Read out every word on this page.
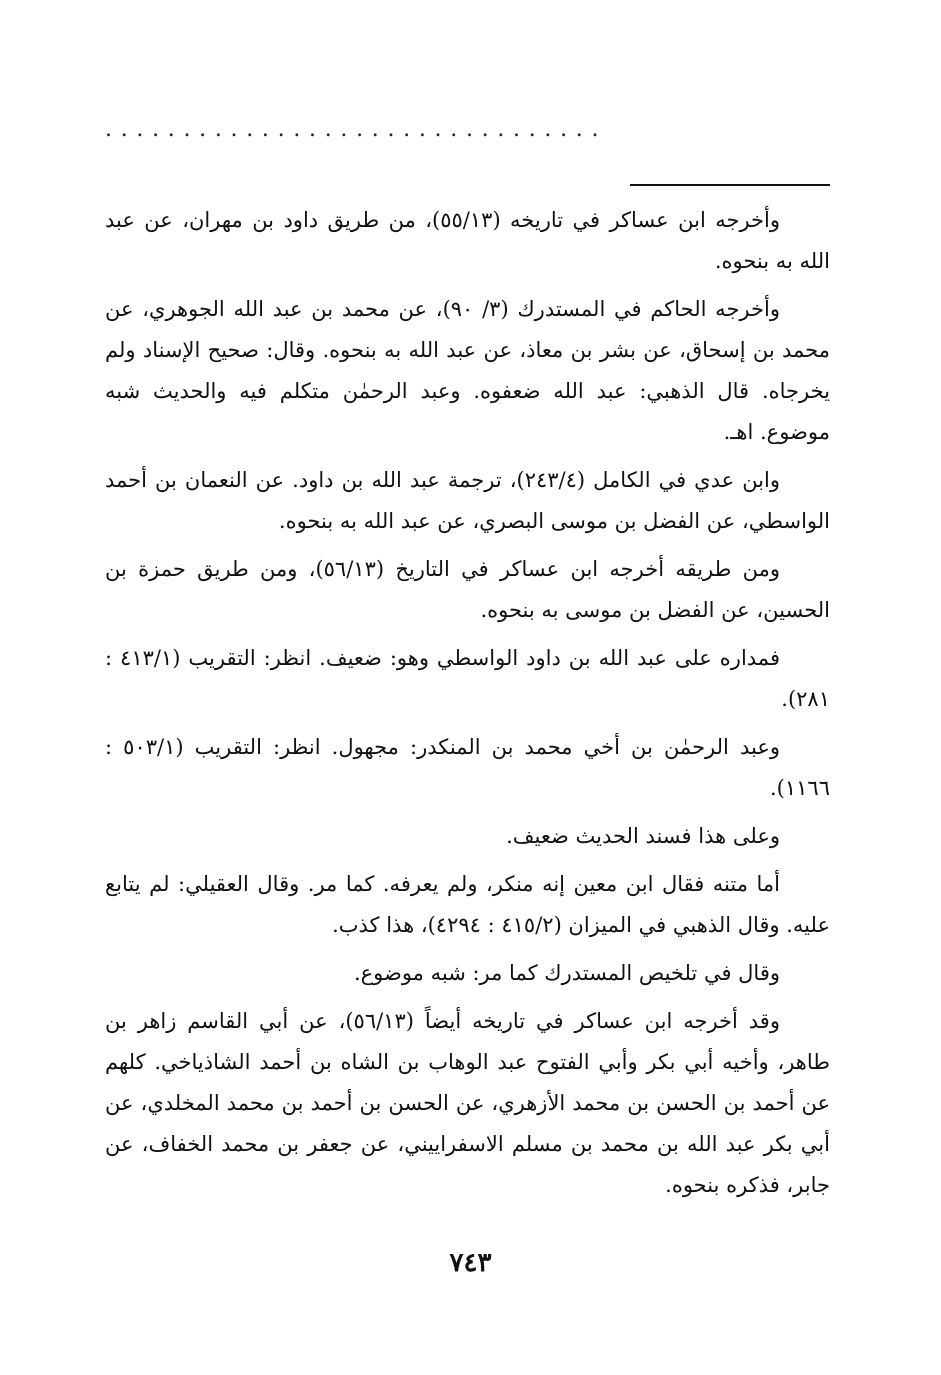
................................

وأخرجه ابن عساكر في تاريخه (٥٥/١٣)، من طريق داود بن مهران، عن عبد الله به بنحوه.

وأخرجه الحاكم في المستدرك (٣/ ٩٠)، عن محمد بن عبد الله الجوهري، عن محمد بن إسحاق، عن بشر بن معاذ، عن عبد الله به بنحوه. وقال: صحيح الإسناد ولم يخرجاه. قال الذهبي: عبد الله ضعفوه. وعبد الرحمٰن متكلم فيه والحديث شبه موضوع. اهـ.

وابن عدي في الكامل (٢٤٣/٤)، ترجمة عبد الله بن داود. عن النعمان بن أحمد الواسطي، عن الفضل بن موسى البصري، عن عبد الله به بنحوه.

ومن طريقه أخرجه ابن عساكر في التاريخ (٥٦/١٣)، ومن طريق حمزة بن الحسين، عن الفضل بن موسى به بنحوه.

فمداره على عبد الله بن داود الواسطي وهو: ضعيف. انظر: التقريب (٤١٣/١ : ٢٨١).

وعبد الرحمٰن بن أخي محمد بن المنكدر: مجهول. انظر: التقريب (٥٠٣/١ : ١١٦٦).

وعلى هذا فسند الحديث ضعيف.

أما متنه فقال ابن معين إنه منكر، ولم يعرفه. كما مر. وقال العقيلي: لم يتابع عليه. وقال الذهبي في الميزان (٤١٥/٢ : ٤٢٩٤)، هذا كذب.

وقال في تلخيص المستدرك كما مر: شبه موضوع.

وقد أخرجه ابن عساكر في تاريخه أيضاً (٥٦/١٣)، عن أبي القاسم زاهر بن طاهر، وأخيه أبي بكر وأبي الفتوح عبد الوهاب بن الشاه بن أحمد الشاذياخي. كلهم عن أحمد بن الحسن بن محمد الأزهري، عن الحسن بن أحمد بن محمد المخلدي، عن أبي بكر عبد الله بن محمد بن مسلم الاسفراييني، عن جعفر بن محمد الخفاف، عن جابر، فذكره بنحوه.

٧٤٣
